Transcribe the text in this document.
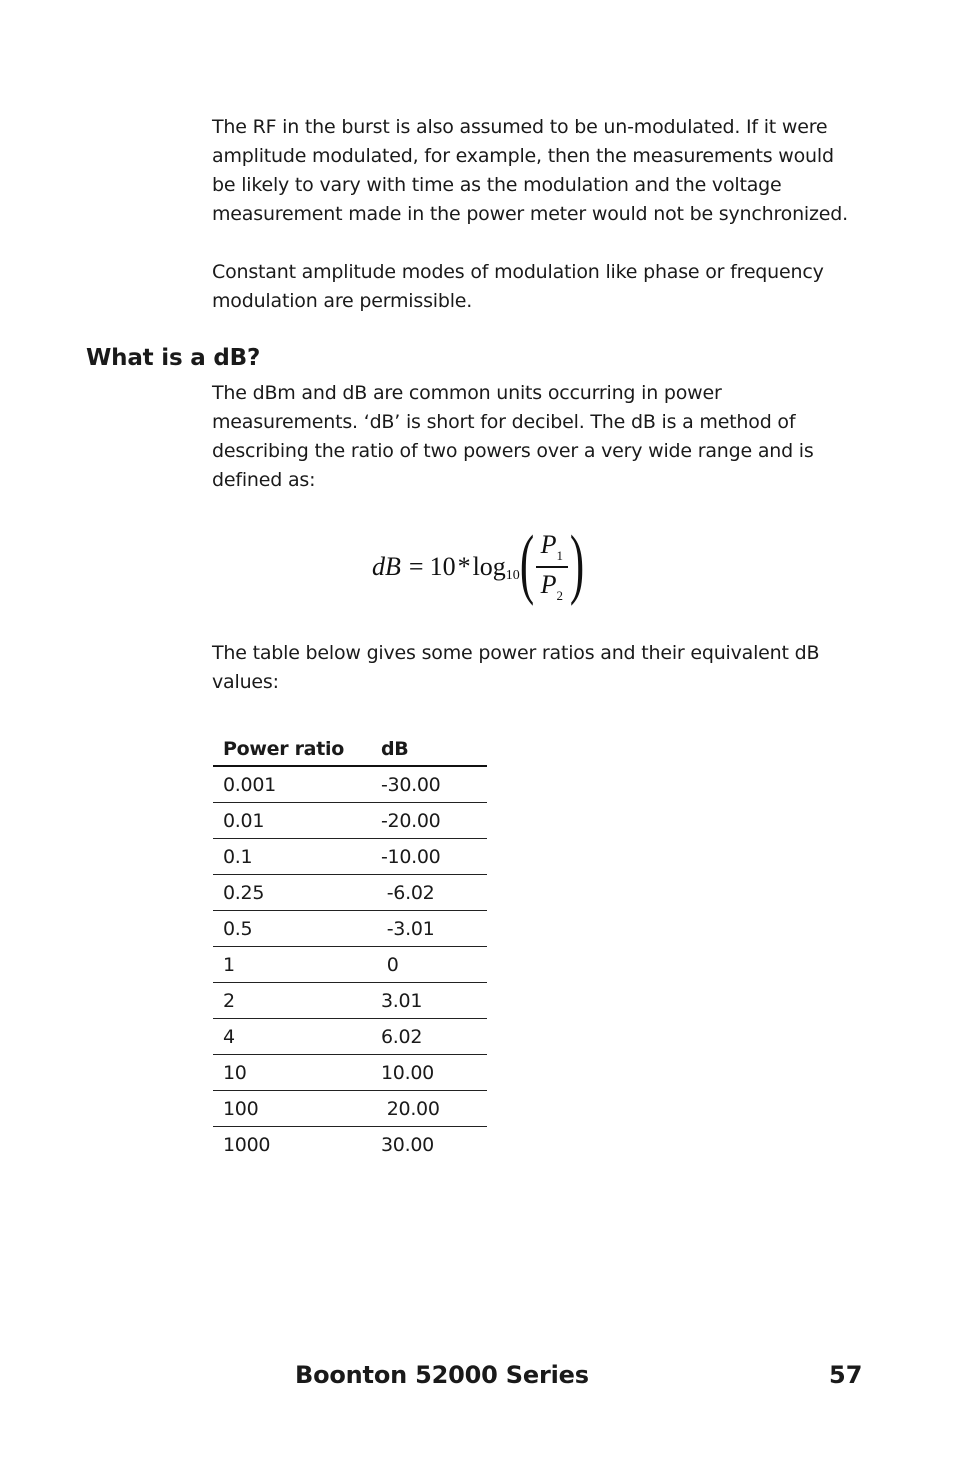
The RF in the burst is also assumed to be un-modulated. If it were amplitude modulated, for example, then the measurements would be likely to vary with time as the modulation and the voltage measurement made in the power meter would not be synchronized.

Constant amplitude modes of modulation like phase or frequency modulation are permissible.

What is a dB?

The dBm and dB are common units occurring in power measurements. ‘dB’ is short for decibel. The dB is a method of describing the ratio of two powers over a very wide range and is defined as:

dB = 10 * log 10 ( $\frac{P_1}{P_2}$ )

The table below gives some power ratios and their equivalent dB values:

Power ratio	dB
0.001	-30.00
0.01	-20.00
0.1	-10.00
0.25	-6.02
0.5	-3.01
1	0
2	3.01
4	6.02
10	10.00
100	20.00
1000	30.00

Boonton 52000 Series	57
